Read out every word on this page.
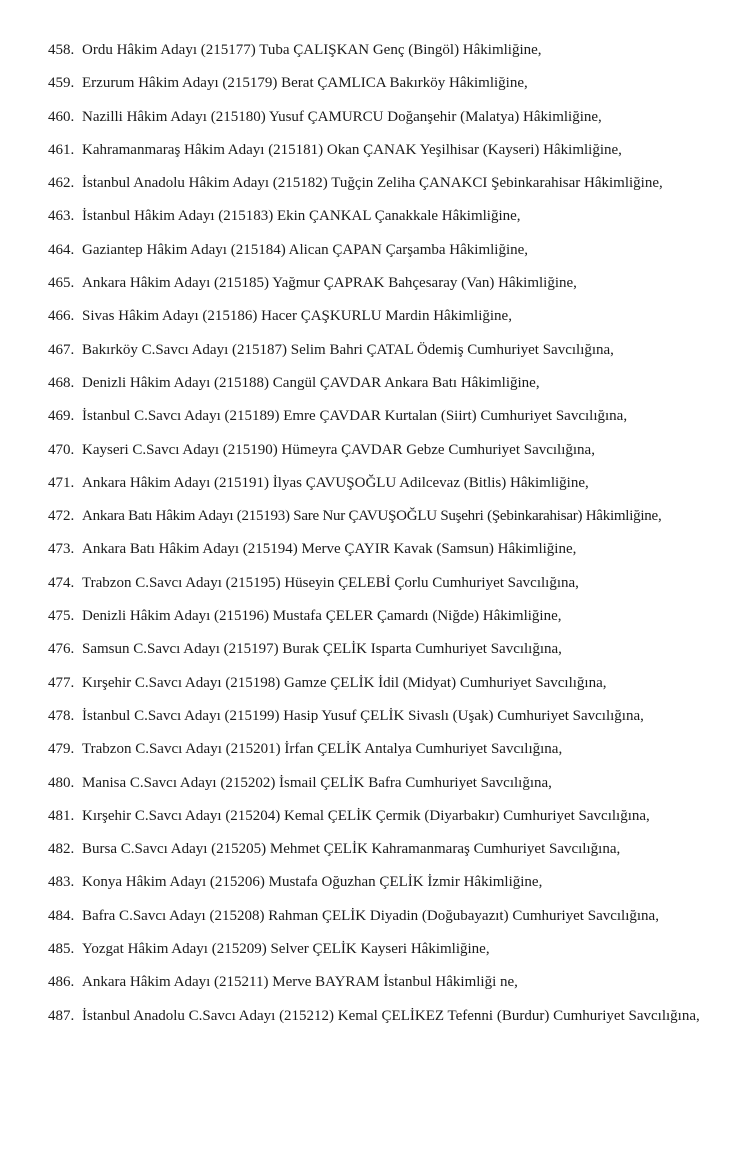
458. Ordu Hâkim Adayı (215177) Tuba ÇALIŞKAN Genç (Bingöl) Hâkimliğine,
459. Erzurum Hâkim Adayı (215179) Berat ÇAMLICA Bakırköy Hâkimliğine,
460. Nazilli Hâkim Adayı (215180) Yusuf ÇAMURCU Doğanşehir (Malatya) Hâkimliğine,
461. Kahramanmaraş Hâkim Adayı (215181) Okan ÇANAK Yeşilhisar (Kayseri) Hâkimliğine,
462. İstanbul Anadolu Hâkim Adayı (215182) Tuğçin Zeliha ÇANAKCI Şebinkarahisar Hâkimliğine,
463. İstanbul Hâkim Adayı (215183) Ekin ÇANKAL Çanakkale Hâkimliğine,
464. Gaziantep Hâkim Adayı (215184) Alican ÇAPAN Çarşamba Hâkimliğine,
465. Ankara Hâkim Adayı (215185) Yağmur ÇAPRAK Bahçesaray (Van) Hâkimliğine,
466. Sivas Hâkim Adayı (215186) Hacer ÇAŞKURLU Mardin Hâkimliğine,
467. Bakırköy C.Savcı Adayı (215187) Selim Bahri ÇATAL Ödemiş Cumhuriyet Savcılığına,
468. Denizli Hâkim Adayı (215188) Cangül ÇAVDAR Ankara Batı Hâkimliğine,
469. İstanbul C.Savcı Adayı (215189) Emre ÇAVDAR Kurtalan (Siirt) Cumhuriyet Savcılığına,
470. Kayseri C.Savcı Adayı (215190) Hümeyra ÇAVDAR Gebze Cumhuriyet Savcılığına,
471. Ankara Hâkim Adayı (215191) İlyas ÇAVUŞOĞLU Adilcevaz (Bitlis) Hâkimliğine,
472. Ankara Batı Hâkim Adayı (215193) Sare Nur ÇAVUŞOĞLU Suşehri (Şebinkarahisar) Hâkimliğine,
473. Ankara Batı Hâkim Adayı (215194) Merve ÇAYIR Kavak (Samsun) Hâkimliğine,
474. Trabzon C.Savcı Adayı (215195) Hüseyin ÇELEBİ Çorlu Cumhuriyet Savcılığına,
475. Denizli Hâkim Adayı (215196) Mustafa ÇELER Çamardı (Niğde) Hâkimliğine,
476. Samsun C.Savcı Adayı (215197) Burak ÇELİK Isparta Cumhuriyet Savcılığına,
477. Kırşehir C.Savcı Adayı (215198) Gamze ÇELİK İdil (Midyat) Cumhuriyet Savcılığına,
478. İstanbul C.Savcı Adayı (215199) Hasip Yusuf ÇELİK Sivaslı (Uşak) Cumhuriyet Savcılığına,
479. Trabzon C.Savcı Adayı (215201) İrfan ÇELİK Antalya Cumhuriyet Savcılığına,
480. Manisa C.Savcı Adayı (215202) İsmail ÇELİK Bafra Cumhuriyet Savcılığına,
481. Kırşehir C.Savcı Adayı (215204) Kemal ÇELİK Çermik (Diyarbakır) Cumhuriyet Savcılığına,
482. Bursa C.Savcı Adayı (215205) Mehmet ÇELİK Kahramanmaraş Cumhuriyet Savcılığına,
483. Konya Hâkim Adayı (215206) Mustafa Oğuzhan ÇELİK İzmir Hâkimliğine,
484. Bafra C.Savcı Adayı (215208) Rahman ÇELİK Diyadin (Doğubayazıt) Cumhuriyet Savcılığına,
485. Yozgat Hâkim Adayı (215209) Selver ÇELİK Kayseri Hâkimliğine,
486. Ankara Hâkim Adayı (215211) Merve BAYRAM İstanbul Hâkimliği ne,
487. İstanbul Anadolu C.Savcı Adayı (215212) Kemal ÇELİKEZ Tefenni (Burdur) Cumhuriyet Savcılığına,
